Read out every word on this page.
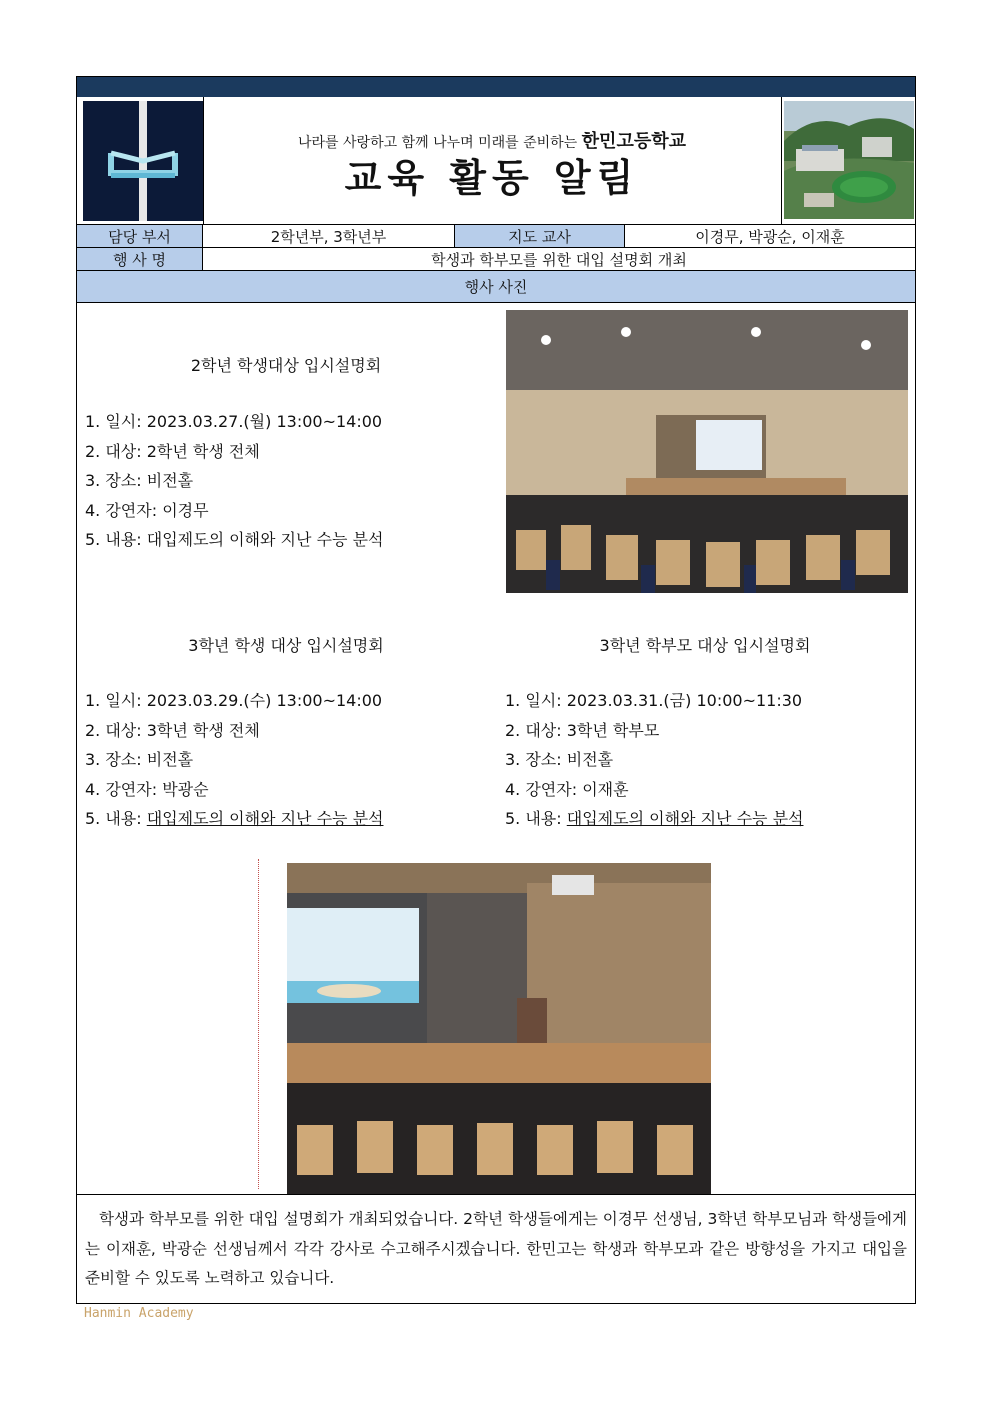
나라를 사랑하고 함께 나누며 미래를 준비하는 한민고등학교
교육 활동 알림
담당 부서	2학년부, 3학년부	지도 교사	이경무, 박광순, 이재훈
행 사 명	학생과 학부모를 위한 대입 설명회 개최
행사 사진
2학년 학생대상 입시설명회
1. 일시: 2023.03.27.(월) 13:00~14:00
2. 대상: 2학년 학생 전체
3. 장소: 비전홀
4. 강연자: 이경무
5. 내용: 대입제도의 이해와 지난 수능 분석
3학년 학생 대상 입시설명회
1. 일시: 2023.03.29.(수) 13:00~14:00
2. 대상: 3학년 학생 전체
3. 장소: 비전홀
4. 강연자: 박광순
5. 내용: 대입제도의 이해와 지난 수능 분석
3학년 학부모 대상 입시설명회
1. 일시: 2023.03.31.(금) 10:00~11:30
2. 대상: 3학년 학부모
3. 장소: 비전홀
4. 강연자: 이재훈
5. 내용: 대입제도의 이해와 지난 수능 분석
학생과 학부모를 위한 대입 설명회가 개최되었습니다. 2학년 학생들에게는 이경무 선생님, 3학년 학부모님과 학생들에게는 이재훈, 박광순 선생님께서 각각 강사로 수고해주시겠습니다. 한민고는 학생과 학부모과 같은 방향성을 가지고 대입을 준비할 수 있도록 노력하고 있습니다.
Hanmin Academy
